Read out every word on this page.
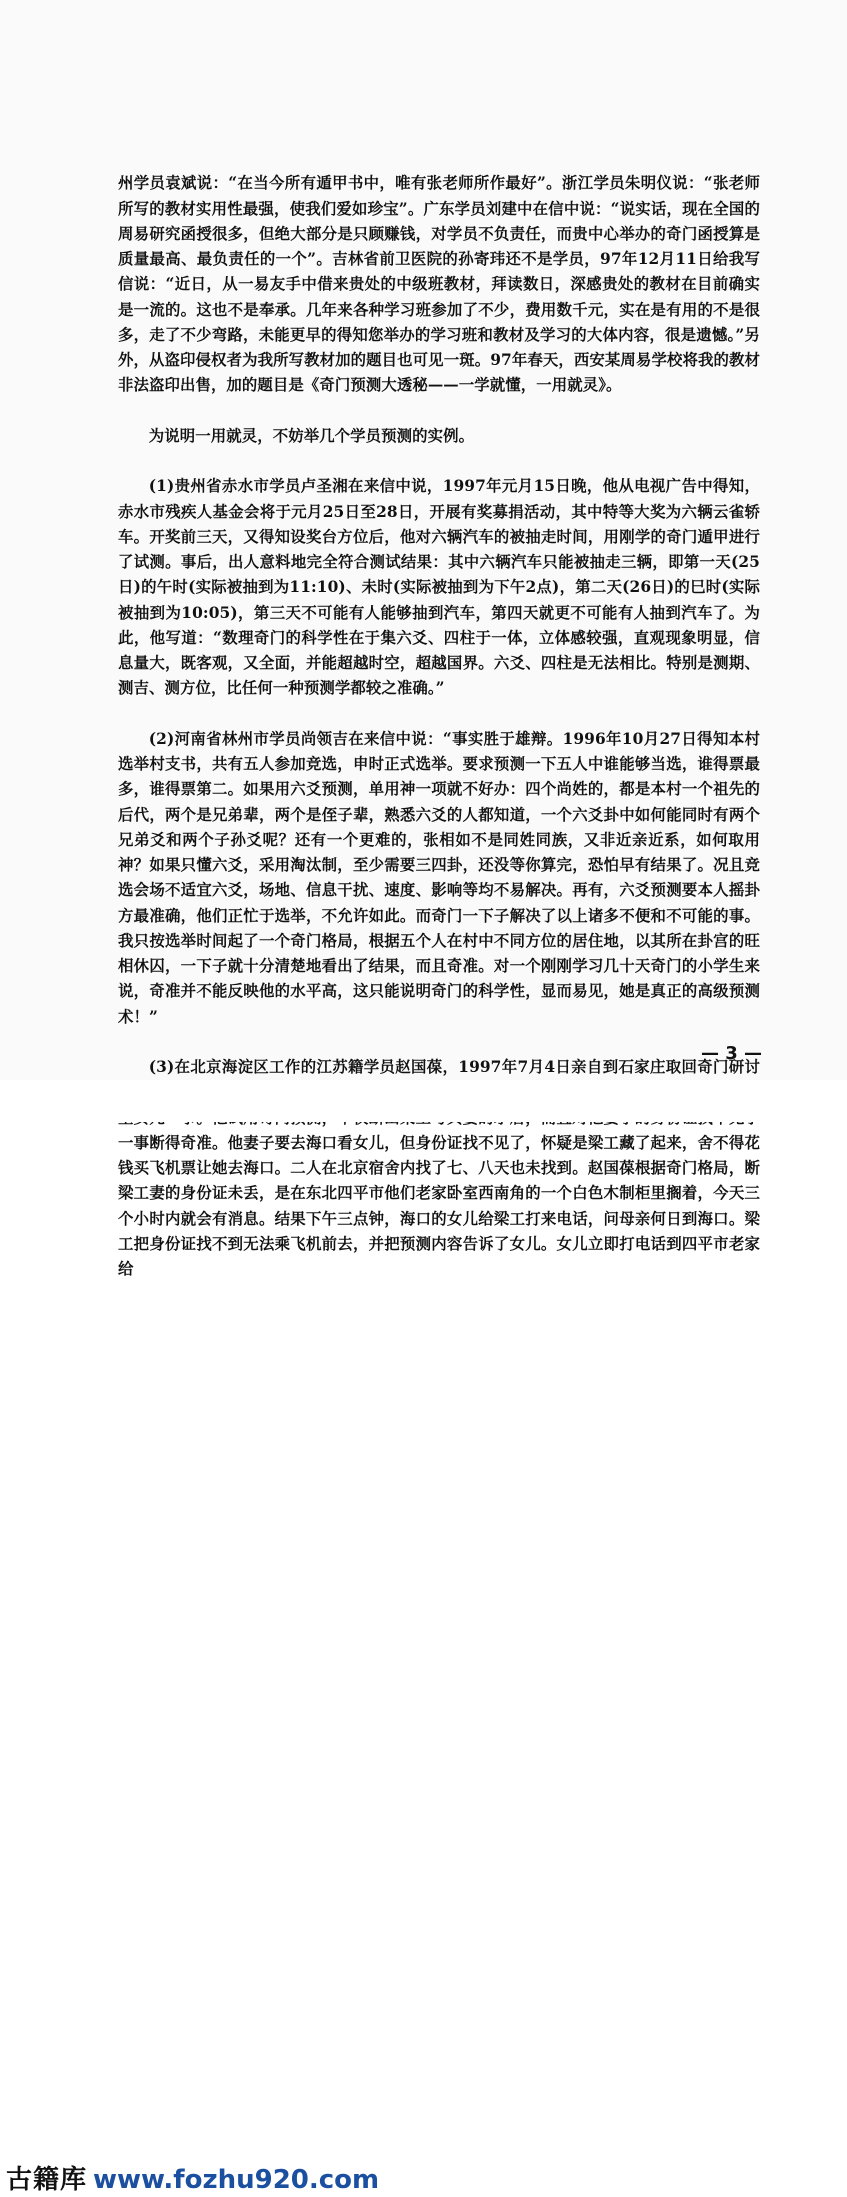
州学员袁斌说：“在当今所有遁甲书中，唯有张老师所作最好”。浙江学员朱明仪说：“张老师所写的教材实用性最强，使我们爱如珍宝”。广东学员刘建中在信中说：“说实话，现在全国的周易研究函授很多，但绝大部分是只顾赚钱，对学员不负责任，而贵中心举办的奇门函授算是质量最高、最负责任的一个”。吉林省前卫医院的孙寄玮还不是学员，97年12月11日给我写信说：“近日，从一易友手中借来贵处的中级班教材，拜读数日，深感贵处的教材在目前确实是一流的。这也不是奉承。几年来各种学习班参加了不少，费用数千元，实在是有用的不是很多，走了不少弯路，未能更早的得知您举办的学习班和教材及学习的大体内容，很是遗憾。”另外，从盗印侵权者为我所写教材加的题目也可见一斑。97年春天，西安某周易学校将我的教材非法盗印出售，加的题目是《奇门预测大透秘——一学就懂，一用就灵》。

为说明一用就灵，不妨举几个学员预测的实例。

(1)贵州省赤水市学员卢圣湘在来信中说，1997年元月15日晚，他从电视广告中得知，赤水市残疾人基金会将于元月25日至28日，开展有奖募捐活动，其中特等大奖为六辆云雀轿车。开奖前三天，又得知设奖台方位后，他对六辆汽车的被抽走时间，用刚学的奇门遁甲进行了试测。事后，出人意料地完全符合测试结果：其中六辆汽车只能被抽走三辆，即第一天(25日)的午时(实际被抽到为11:10)、未时(实际被抽到为下午2点)，第二天(26日)的巳时(实际被抽到为10:05)，第三天不可能有人能够抽到汽车，第四天就更不可能有人抽到汽车了。为此，他写道：“数理奇门的科学性在于集六爻、四柱于一体，立体感较强，直观现象明显，信息量大，既客观，又全面，并能超越时空，超越国界。六爻、四柱是无法相比。特别是测期、测吉、测方位，比任何一种预测学都较之准确。”

(2)河南省林州市学员尚领吉在来信中说：“事实胜于雄辩。1996年10月27日得知本村选举村支书，共有五人参加竞选，申时正式选举。要求预测一下五人中谁能够当选，谁得票最多，谁得票第二。如果用六爻预测，单用神一项就不好办：四个尚姓的，都是本村一个祖先的后代，两个是兄弟辈，两个是侄子辈，熟悉六爻的人都知道，一个六爻卦中如何能同时有两个兄弟爻和两个子孙爻呢？还有一个更难的，张相如不是同姓同族，又非近亲近系，如何取用神？如果只懂六爻，采用淘汰制，至少需要三四卦，还没等你算完，恐怕早有结果了。况且竞选会场不适宜六爻，场地、信息干扰、速度、影响等均不易解决。再有，六爻预测要本人摇卦方最准确，他们正忙于选举，不允许如此。而奇门一下子解决了以上诸多不便和不可能的事。我只按选举时间起了一个奇门格局，根据五个人在村中不同方位的居住地，以其所在卦宫的旺相休囚，一下子就十分清楚地看出了结果，而且奇准。对一个刚刚学习几十天奇门的小学生来说，奇准并不能反映他的水平高，这只能说明奇门的科学性，显而易见，她是真正的高级预测术！”

(3)在北京海淀区工作的江苏籍学员赵国葆，1997年7月4日亲自到石家庄取回奇门研讨 一事断得奇准。他妻子要去海口看女儿，但身份证找不见了，怀疑是梁工藏了起来，舍不得花钱买飞机票让她去海口。二人在北京宿舍内找了七、八天也未找到。赵国葆根据奇门格局，断梁工妻的身份证未丢，是在东北四平市他们老家卧室西南角的一个白色木制柜里搁着，今天三个小时内就会有消息。结果下午三点钟，海口的女儿给梁工打来电话，问母亲何日到海口。梁工把身份证找不到无法乘飞机前去，并把预测内容告诉了女儿。女儿立即打电话到四平市老家给

— 3 —
古籍库 www.fozhu920.com
